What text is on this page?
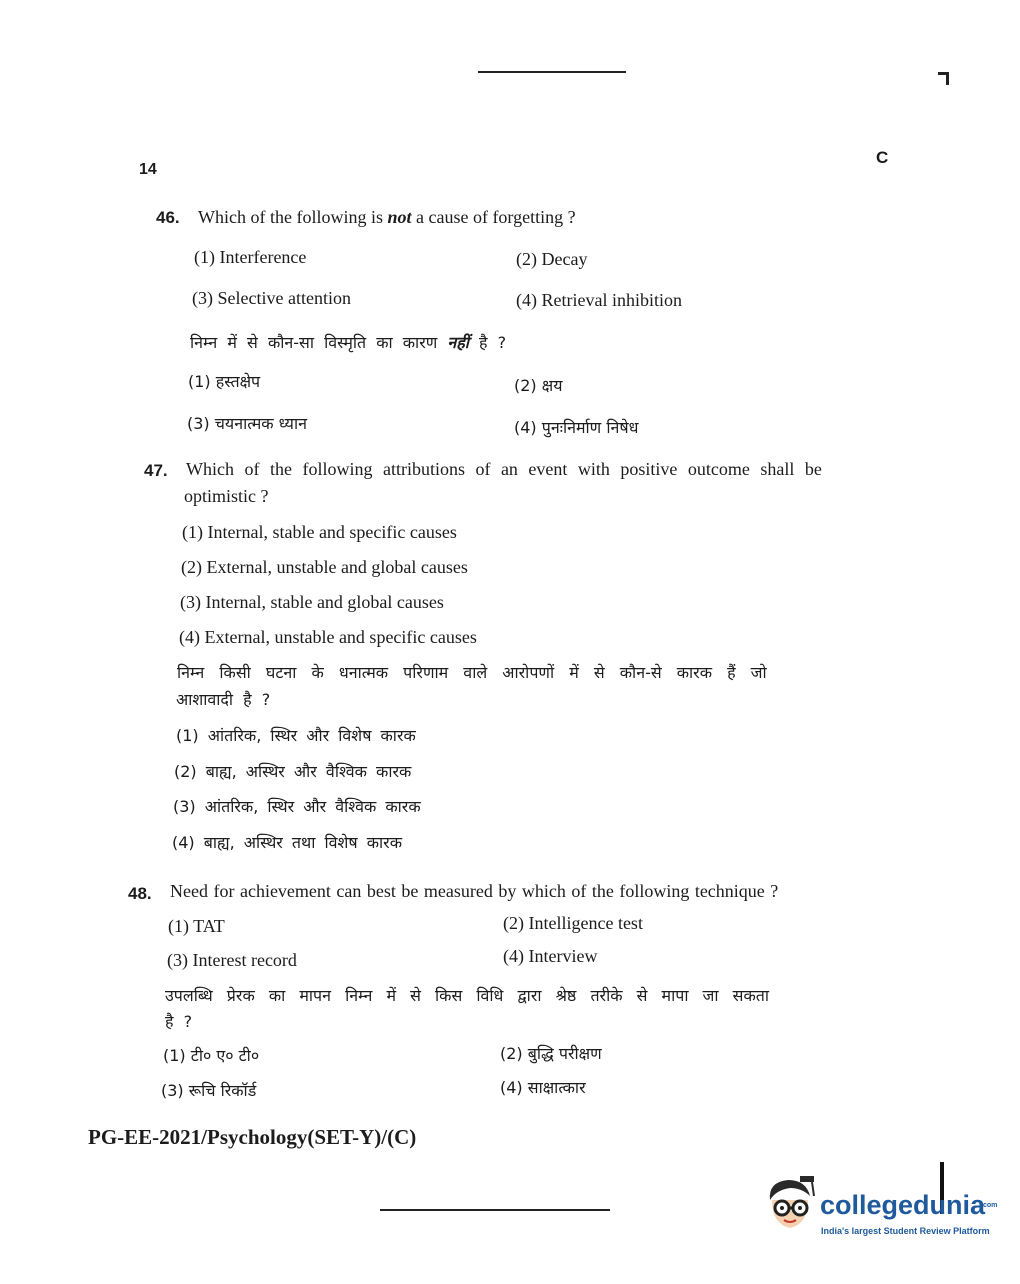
14
C
46. Which of the following is not a cause of forgetting ?
(1) Interference	(2) Decay
(3) Selective attention	(4) Retrieval inhibition
निम्न में से कौन-सा विस्मृति का कारण नहीं है ?
(1) हस्तक्षेप	(2) क्षय
(3) चयनात्मक ध्यान	(4) पुनःनिर्माण निषेध
47. Which of the following attributions of an event with positive outcome shall be
optimistic ?
(1) Internal, stable and specific causes
(2) External, unstable and global causes
(3) Internal, stable and global causes
(4) External, unstable and specific causes
निम्न किसी घटना के धनात्मक परिणाम वाले आरोपणों में से कौन-से कारक हैं जो
आशावादी है ?
(1) आंतरिक, स्थिर और विशेष कारक
(2) बाह्य, अस्थिर और वैश्विक कारक
(3) आंतरिक, स्थिर और वैश्विक कारक
(4) बाह्य, अस्थिर तथा विशेष कारक
48. Need for achievement can best be measured by which of the following technique ?
(1) TAT	(2) Intelligence test
(3) Interest record	(4) Interview
उपलब्धि प्रेरक का मापन निम्न में से किस विधि द्वारा श्रेष्ठ तरीके से मापा जा सकता
है ?
(1) टी० ए० टी०	(2) बुद्धि परीक्षण
(3) रूचि रिकॉर्ड	(4) साक्षात्कार
PG-EE-2021/Psychology(SET-Y)/(C)
collegedunia
.com
India's largest Student Review Platform
